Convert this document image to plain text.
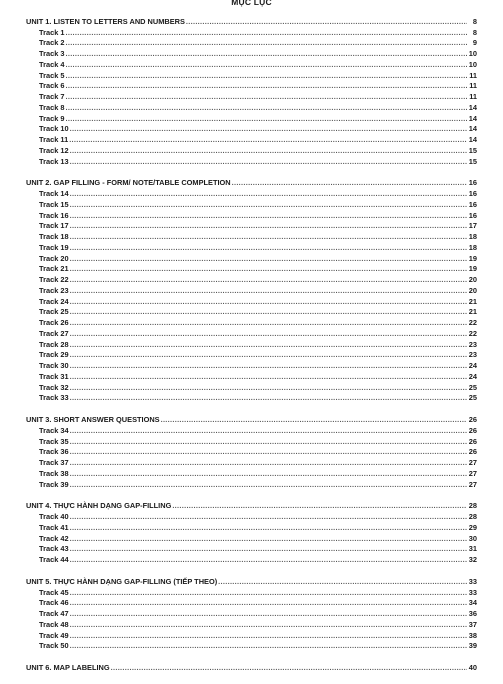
MỤC LỤC
UNIT 1. LISTEN TO LETTERS AND NUMBERS .....	8
Track 1 .....	8
Track 2 .....	9
Track 3 .....	10
Track 4 .....	10
Track 5 .....	11
Track 6 .....	11
Track 7 .....	11
Track 8 .....	14
Track 9 .....	14
Track 10 .....	14
Track 11 .....	14
Track 12 .....	15
Track 13 .....	15
UNIT 2. GAP FILLING - FORM/ NOTE/TABLE COMPLETION .....	16
Track 14 .....	16
Track 15 .....	16
Track 16 .....	16
Track 17 .....	17
Track 18 .....	18
Track 19 .....	18
Track 20 .....	19
Track 21 .....	19
Track 22 .....	20
Track 23 .....	20
Track 24 .....	21
Track 25 .....	21
Track 26 .....	22
Track 27 .....	22
Track 28 .....	23
Track 29 .....	23
Track 30 .....	24
Track 31 .....	24
Track 32 .....	25
Track 33 .....	25
UNIT 3. SHORT ANSWER QUESTIONS .....	26
Track 34 .....	26
Track 35 .....	26
Track 36 .....	26
Track 37 .....	27
Track 38 .....	27
Track 39 .....	27
UNIT 4. THỰC HÀNH DẠNG GAP-FILLING .....	28
Track 40 .....	28
Track 41 .....	29
Track 42 .....	30
Track 43 .....	31
Track 44 .....	32
UNIT 5. THỰC HÀNH DẠNG GAP-FILLING (TIẾP THEO) .....	33
Track 45 .....	33
Track 46 .....	34
Track 47 .....	36
Track 48 .....	37
Track 49 .....	38
Track 50 .....	39
UNIT 6. MAP LABELING .....	40
